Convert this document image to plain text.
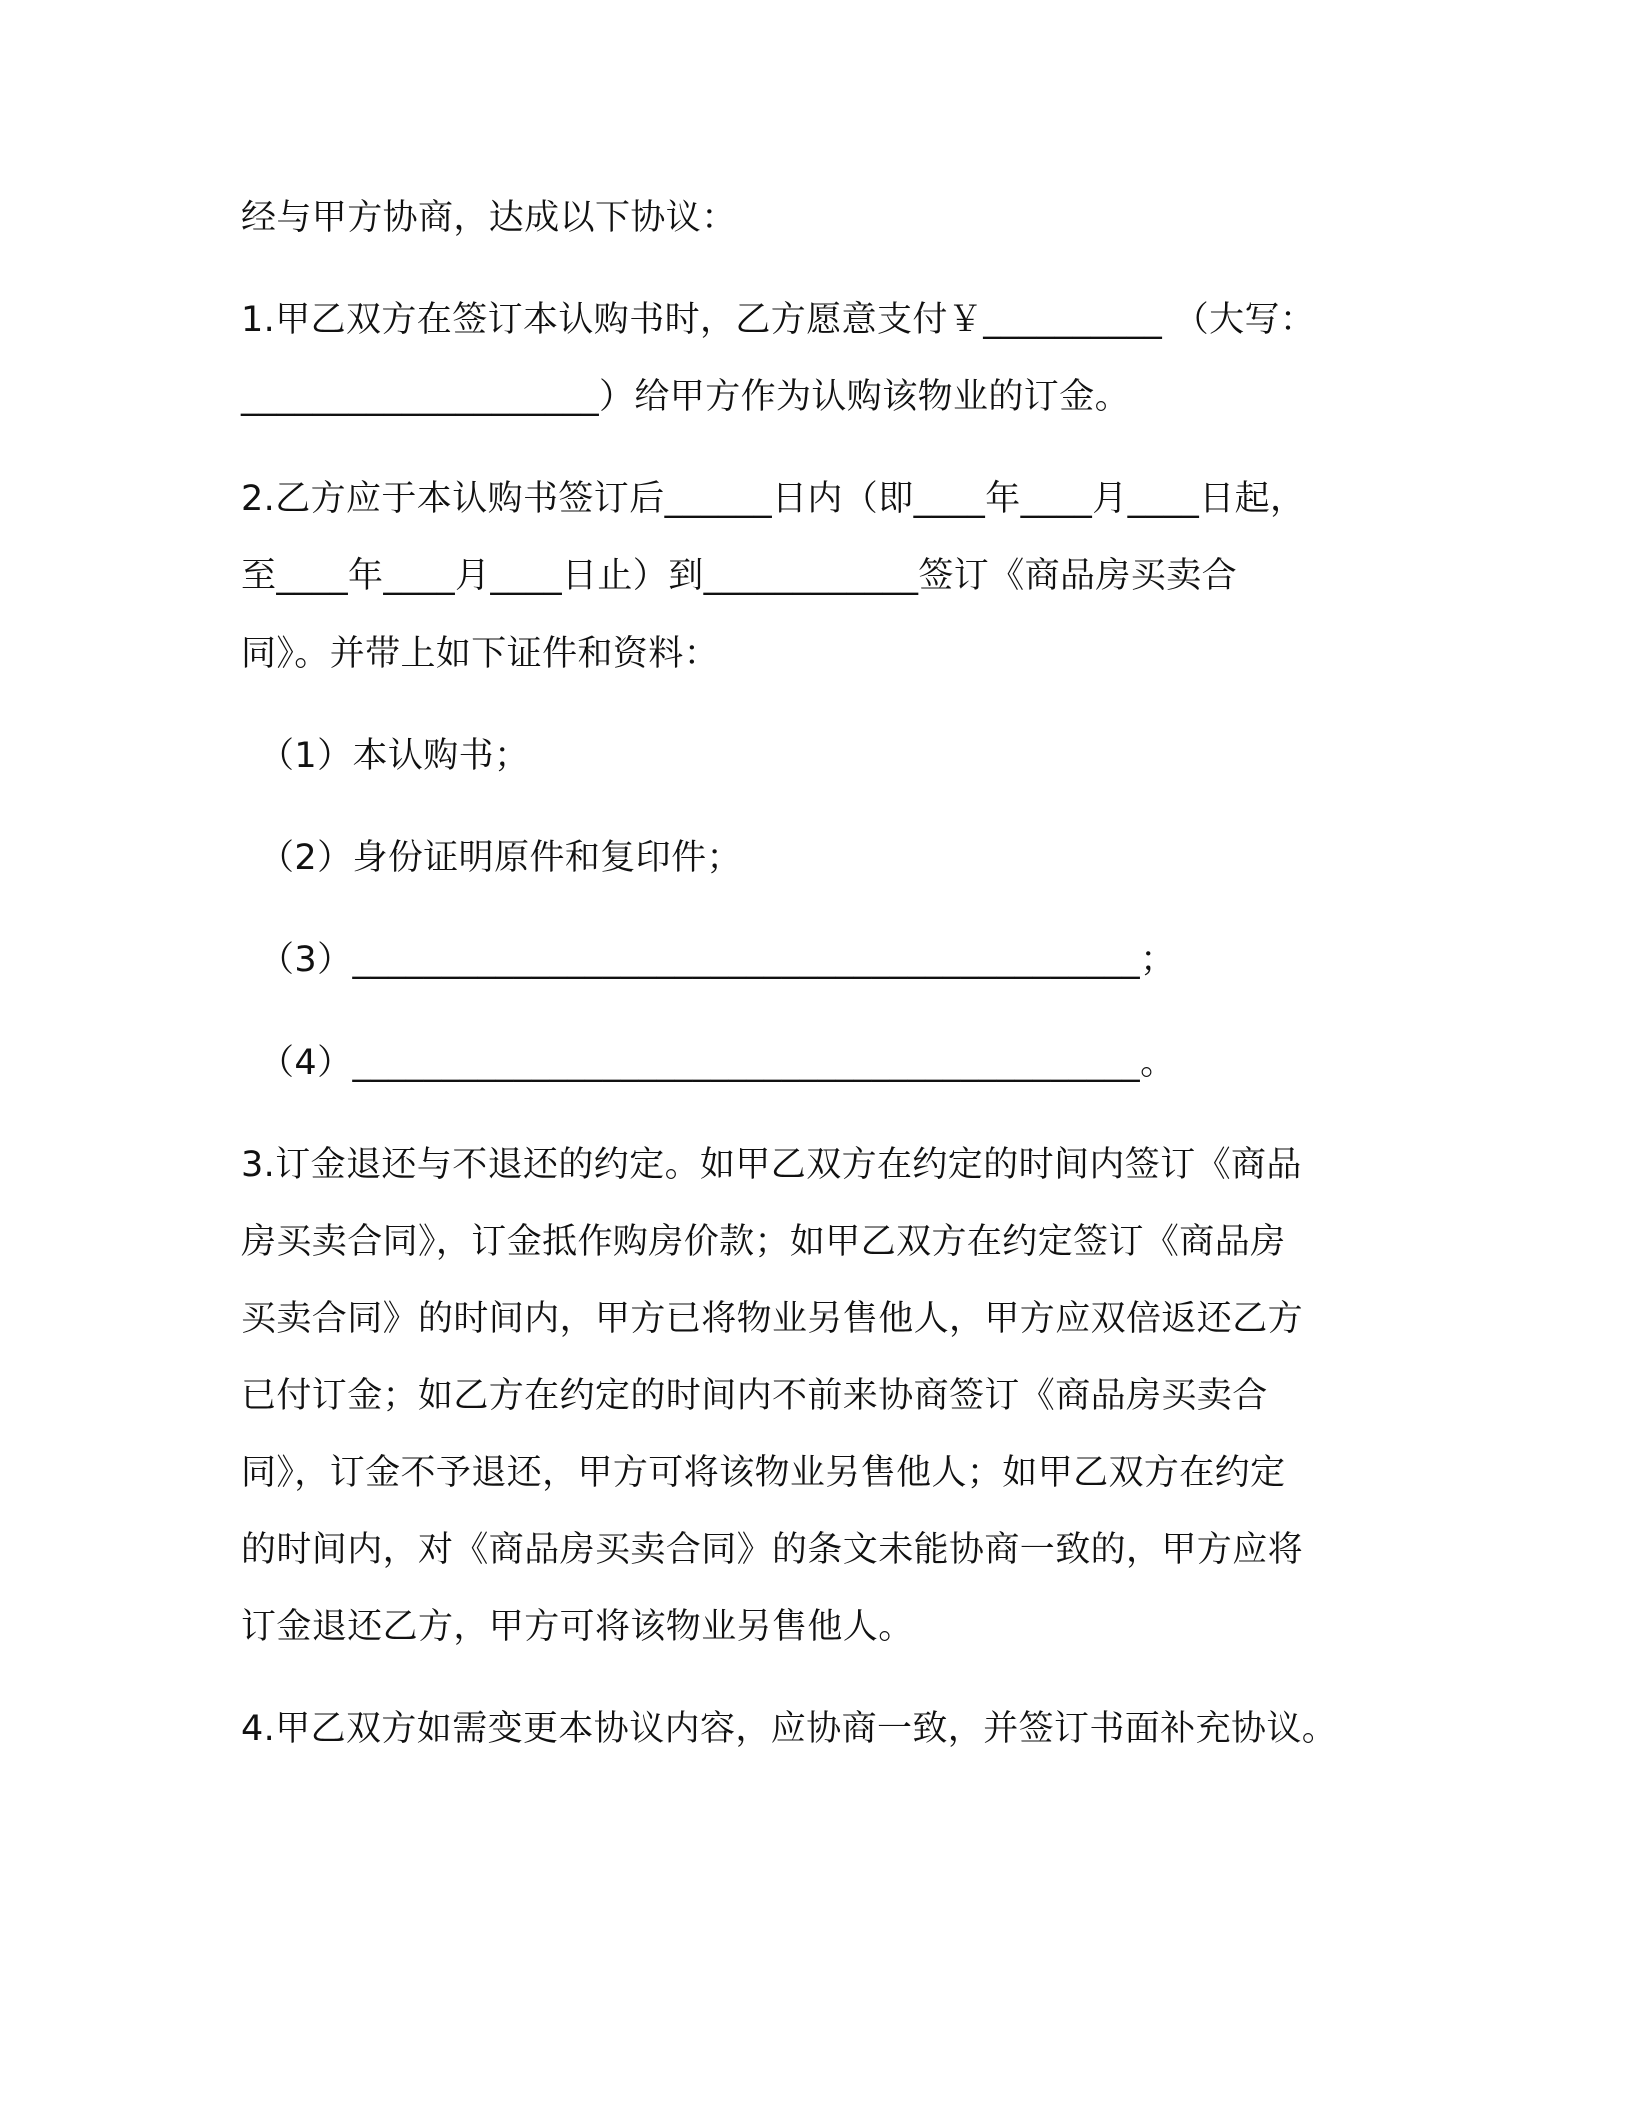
经与甲方协商，达成以下协议：
1.甲乙双方在签订本认购书时，乙方愿意支付￥__________ （大写：
____________________）给甲方作为认购该物业的订金。
2.乙方应于本认购书签订后______日内（即____年____月____日起，
至____年____月____日止）到____________签订《商品房买卖合
同》。并带上如下证件和资料：
（1）本认购书；
（2）身份证明原件和复印件；
（3）____________________________________________；
（4）____________________________________________。
3.订金退还与不退还的约定。如甲乙双方在约定的时间内签订《商品
房买卖合同》，订金抵作购房价款；如甲乙双方在约定签订《商品房
买卖合同》的时间内，甲方已将物业另售他人，甲方应双倍返还乙方
已付订金；如乙方在约定的时间内不前来协商签订《商品房买卖合
同》，订金不予退还，甲方可将该物业另售他人；如甲乙双方在约定
的时间内，对《商品房买卖合同》的条文未能协商一致的，甲方应将
订金退还乙方，甲方可将该物业另售他人。
4.甲乙双方如需变更本协议内容，应协商一致，并签订书面补充协议。
